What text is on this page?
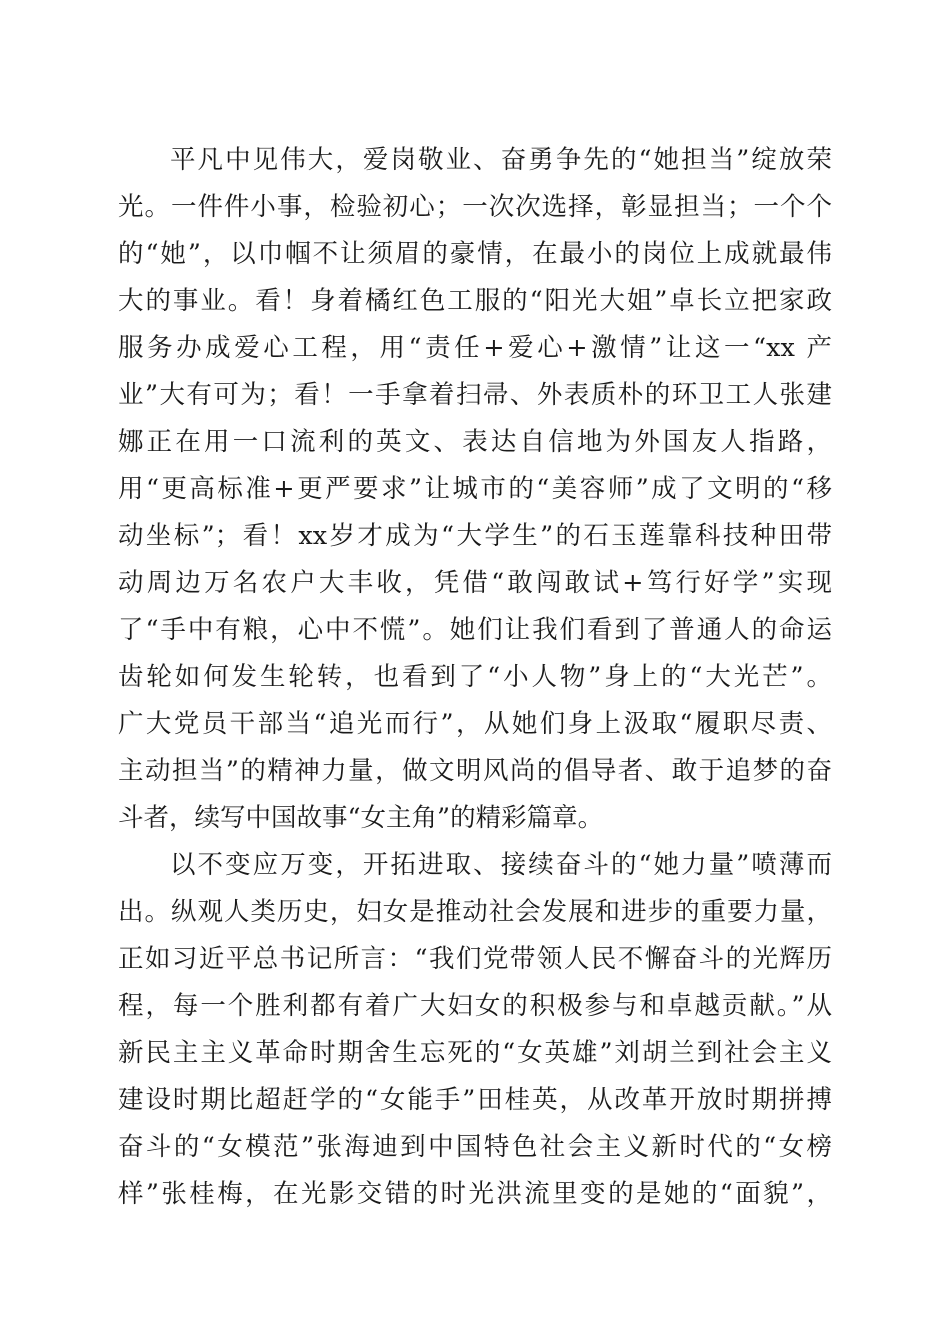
平凡中见伟大，爱岗敬业、奋勇争先的“她担当”绽放荣
光。一件件小事，检验初心；一次次选择，彰显担当；一个个
的“她”，以巾帼不让须眉的豪情，在最小的岗位上成就最伟
大的事业。看！身着橘红色工服的“阳光大姐”卓长立把家政
服务办成爱心工程，用“责任+爱心+激情”让这一“xx 产
业”大有可为；看！一手拿着扫帚、外表质朴的环卫工人张建
娜正在用一口流利的英文、表达自信地为外国友人指路，
用“更高标准+更严要求”让城市的“美容师”成了文明的“移
动坐标”；看！xx岁才成为“大学生”的石玉莲靠科技种田带
动周边万名农户大丰收，凭借“敢闯敢试+笃行好学”实现
了“手中有粮，心中不慌”。她们让我们看到了普通人的命运
齿轮如何发生轮转，也看到了“小人物”身上的“大光芒”。
广大党员干部当“追光而行”，从她们身上汲取“履职尽责、
主动担当”的精神力量，做文明风尚的倡导者、敢于追梦的奋
斗者，续写中国故事“女主角”的精彩篇章。
以不变应万变，开拓进取、接续奋斗的“她力量”喷薄而
出。纵观人类历史，妇女是推动社会发展和进步的重要力量，
正如习近平总书记所言：“我们党带领人民不懈奋斗的光辉历
程，每一个胜利都有着广大妇女的积极参与和卓越贡献。”从
新民主主义革命时期舍生忘死的“女英雄”刘胡兰到社会主义
建设时期比超赶学的“女能手”田桂英，从改革开放时期拼搏
奋斗的“女模范”张海迪到中国特色社会主义新时代的“女榜
样”张桂梅，在光影交错的时光洪流里变的是她的“面貌”，
